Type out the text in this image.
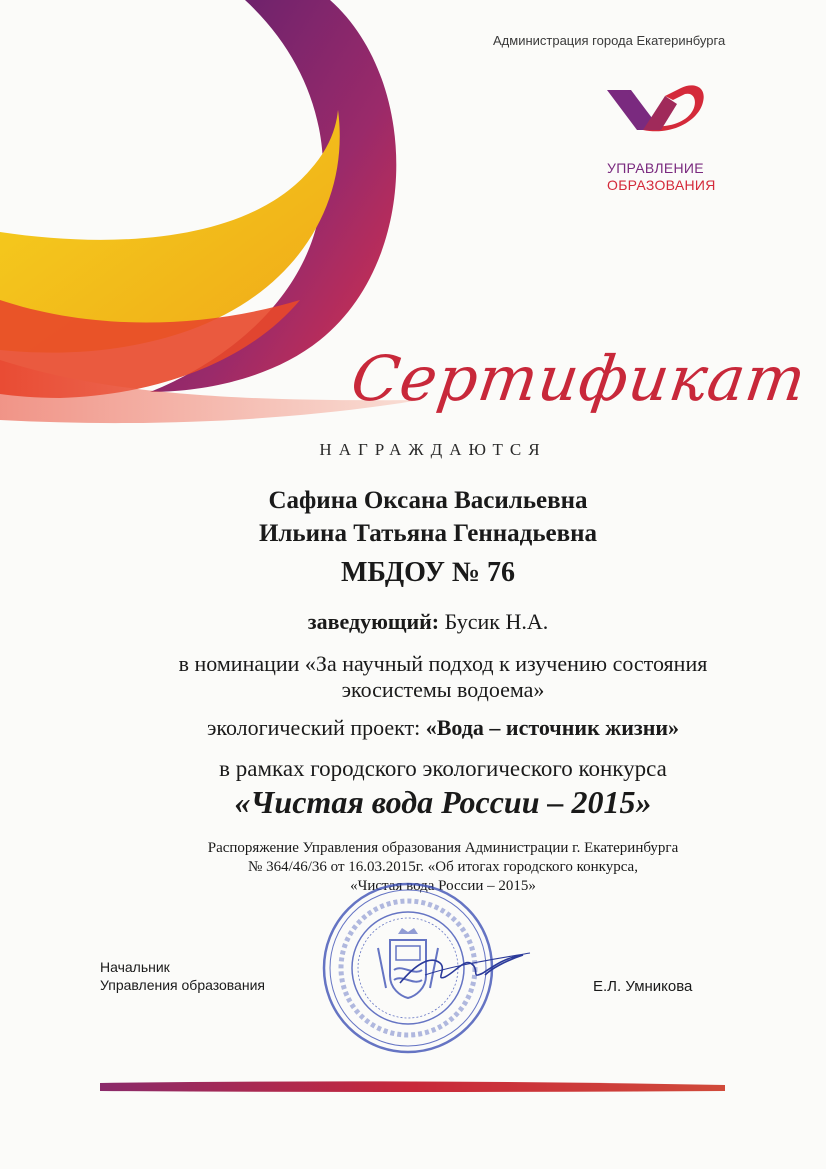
Администрация города Екатеринбурга
УПРАВЛЕНИЕ
ОБРАЗОВАНИЯ
Сертификат
НАГРАЖДАЮТСЯ
Сафина Оксана Васильевна
Ильина Татьяна Геннадьевна
МБДОУ № 76
заведующий: Бусик Н.А.
в номинации «За научный подход к изучению состояния
экосистемы водоема»
экологический проект: «Вода – источник жизни»
в рамках городского экологического конкурса
«Чистая вода России – 2015»
Распоряжение Управления образования Администрации г. Екатеринбурга
№ 364/46/36 от 16.03.2015г. «Об итогах городского конкурса,
«Чистая вода России – 2015»
Начальник
Управления образования	Е.Л. Умникова
